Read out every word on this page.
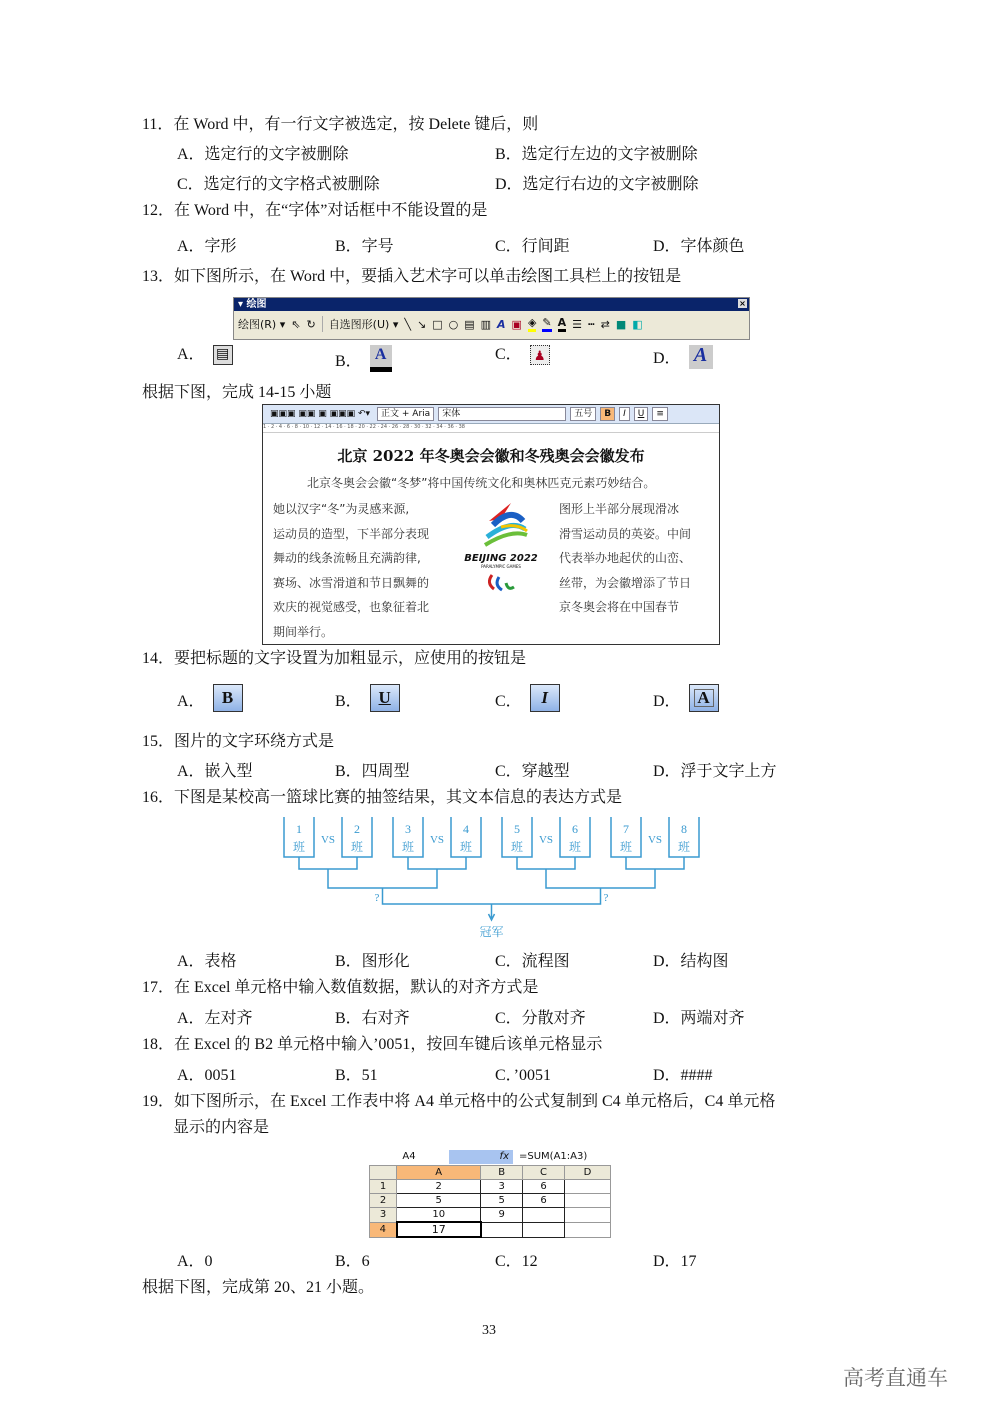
11．在 Word 中，有一行文字被选定，按 Delete 键后，则
A．选定行的文字被删除	B．选定行左边的文字被删除
C．选定行的文字格式被删除	D．选定行右边的文字被删除
12．在 Word 中，在“字体”对话框中不能设置的是
A．字形	B．字号	C．行间距	D．字体颜色
13．如下图所示，在 Word 中，要插入艺术字可以单击绘图工具栏上的按钮是
▾ 绘图	×
绘图(R) ▾ ⇖ ↻ 自选图形(U) ▾ ╲ ↘ □ ○ ▤ ▥ A ▣ ◈ ✎ A ☰ ┅ ⇄ ■ ◧
A． ▤	B． A	C． ♟	D． A
根据下图，完成 14-15 小题
▣▣▣ ▣▣ ▣ ▣▣▣ ↶▾	正文 + Aria	宋体	五号	B	I	U	≡
1 · 2 · 4 · 6 · 8 · 10 · 12 · 14 · 16 · 18 · 20 · 22 · 24 · 26 · 28 · 30 · 32 · 34 · 36 · 38
北京 2022 年冬奥会会徽和冬残奥会会徽发布
北京冬奥会会徽“冬梦”将中国传统文化和奥林匹克元素巧妙结合。
她以汉字“冬”为灵感来源,
运动员的造型，下半部分表现
舞动的线条流畅且充满韵律,
赛场、冰雪滑道和节日飘舞的
欢庆的视觉感受，也象征着北
期间举行。
图形上半部分展现滑冰
滑雪运动员的英姿。中间
代表举办地起伏的山峦、
丝带，为会徽增添了节日
京冬奥会将在中国春节
BEIJING 2022
PARALYMPIC GAMES
14．要把标题的文字设置为加粗显示，应使用的按钮是
A． B	B． U	C． I	D． A
15．图片的文字环绕方式是
A．嵌入型	B．四周型	C．穿越型	D．浮于文字上方
16．下图是某校高一篮球比赛的抽签结果，其文本信息的表达方式是
1
班 VS
2
班
3
班 VS
4
班
5
班 VS
6
班
7
班 VS
8
班
?	?
冠军
A．表格	B．图形化	C．流程图	D．结构图
17．在 Excel 单元格中输入数值数据，默认的对齐方式是
A．左对齐	B．右对齐	C．分散对齐	D．两端对齐
18．在 Excel 的 B2 单元格中输入’0051，按回车键后该单元格显示
A．0051	B．51	C．’0051	D．####
19．如下图所示，在 Excel 工作表中将 A4 单元格中的公式复制到 C4 单元格后，C4 单元格
显示的内容是
A4	fx	=SUM(A1:A3)
	A	B	C	D
1	2	3	6	
2	5	5	6	
3	10	9		
4	17			
A．0	B．6	C．12	D．17
根据下图，完成第 20、21 小题。
33
高考直通车
